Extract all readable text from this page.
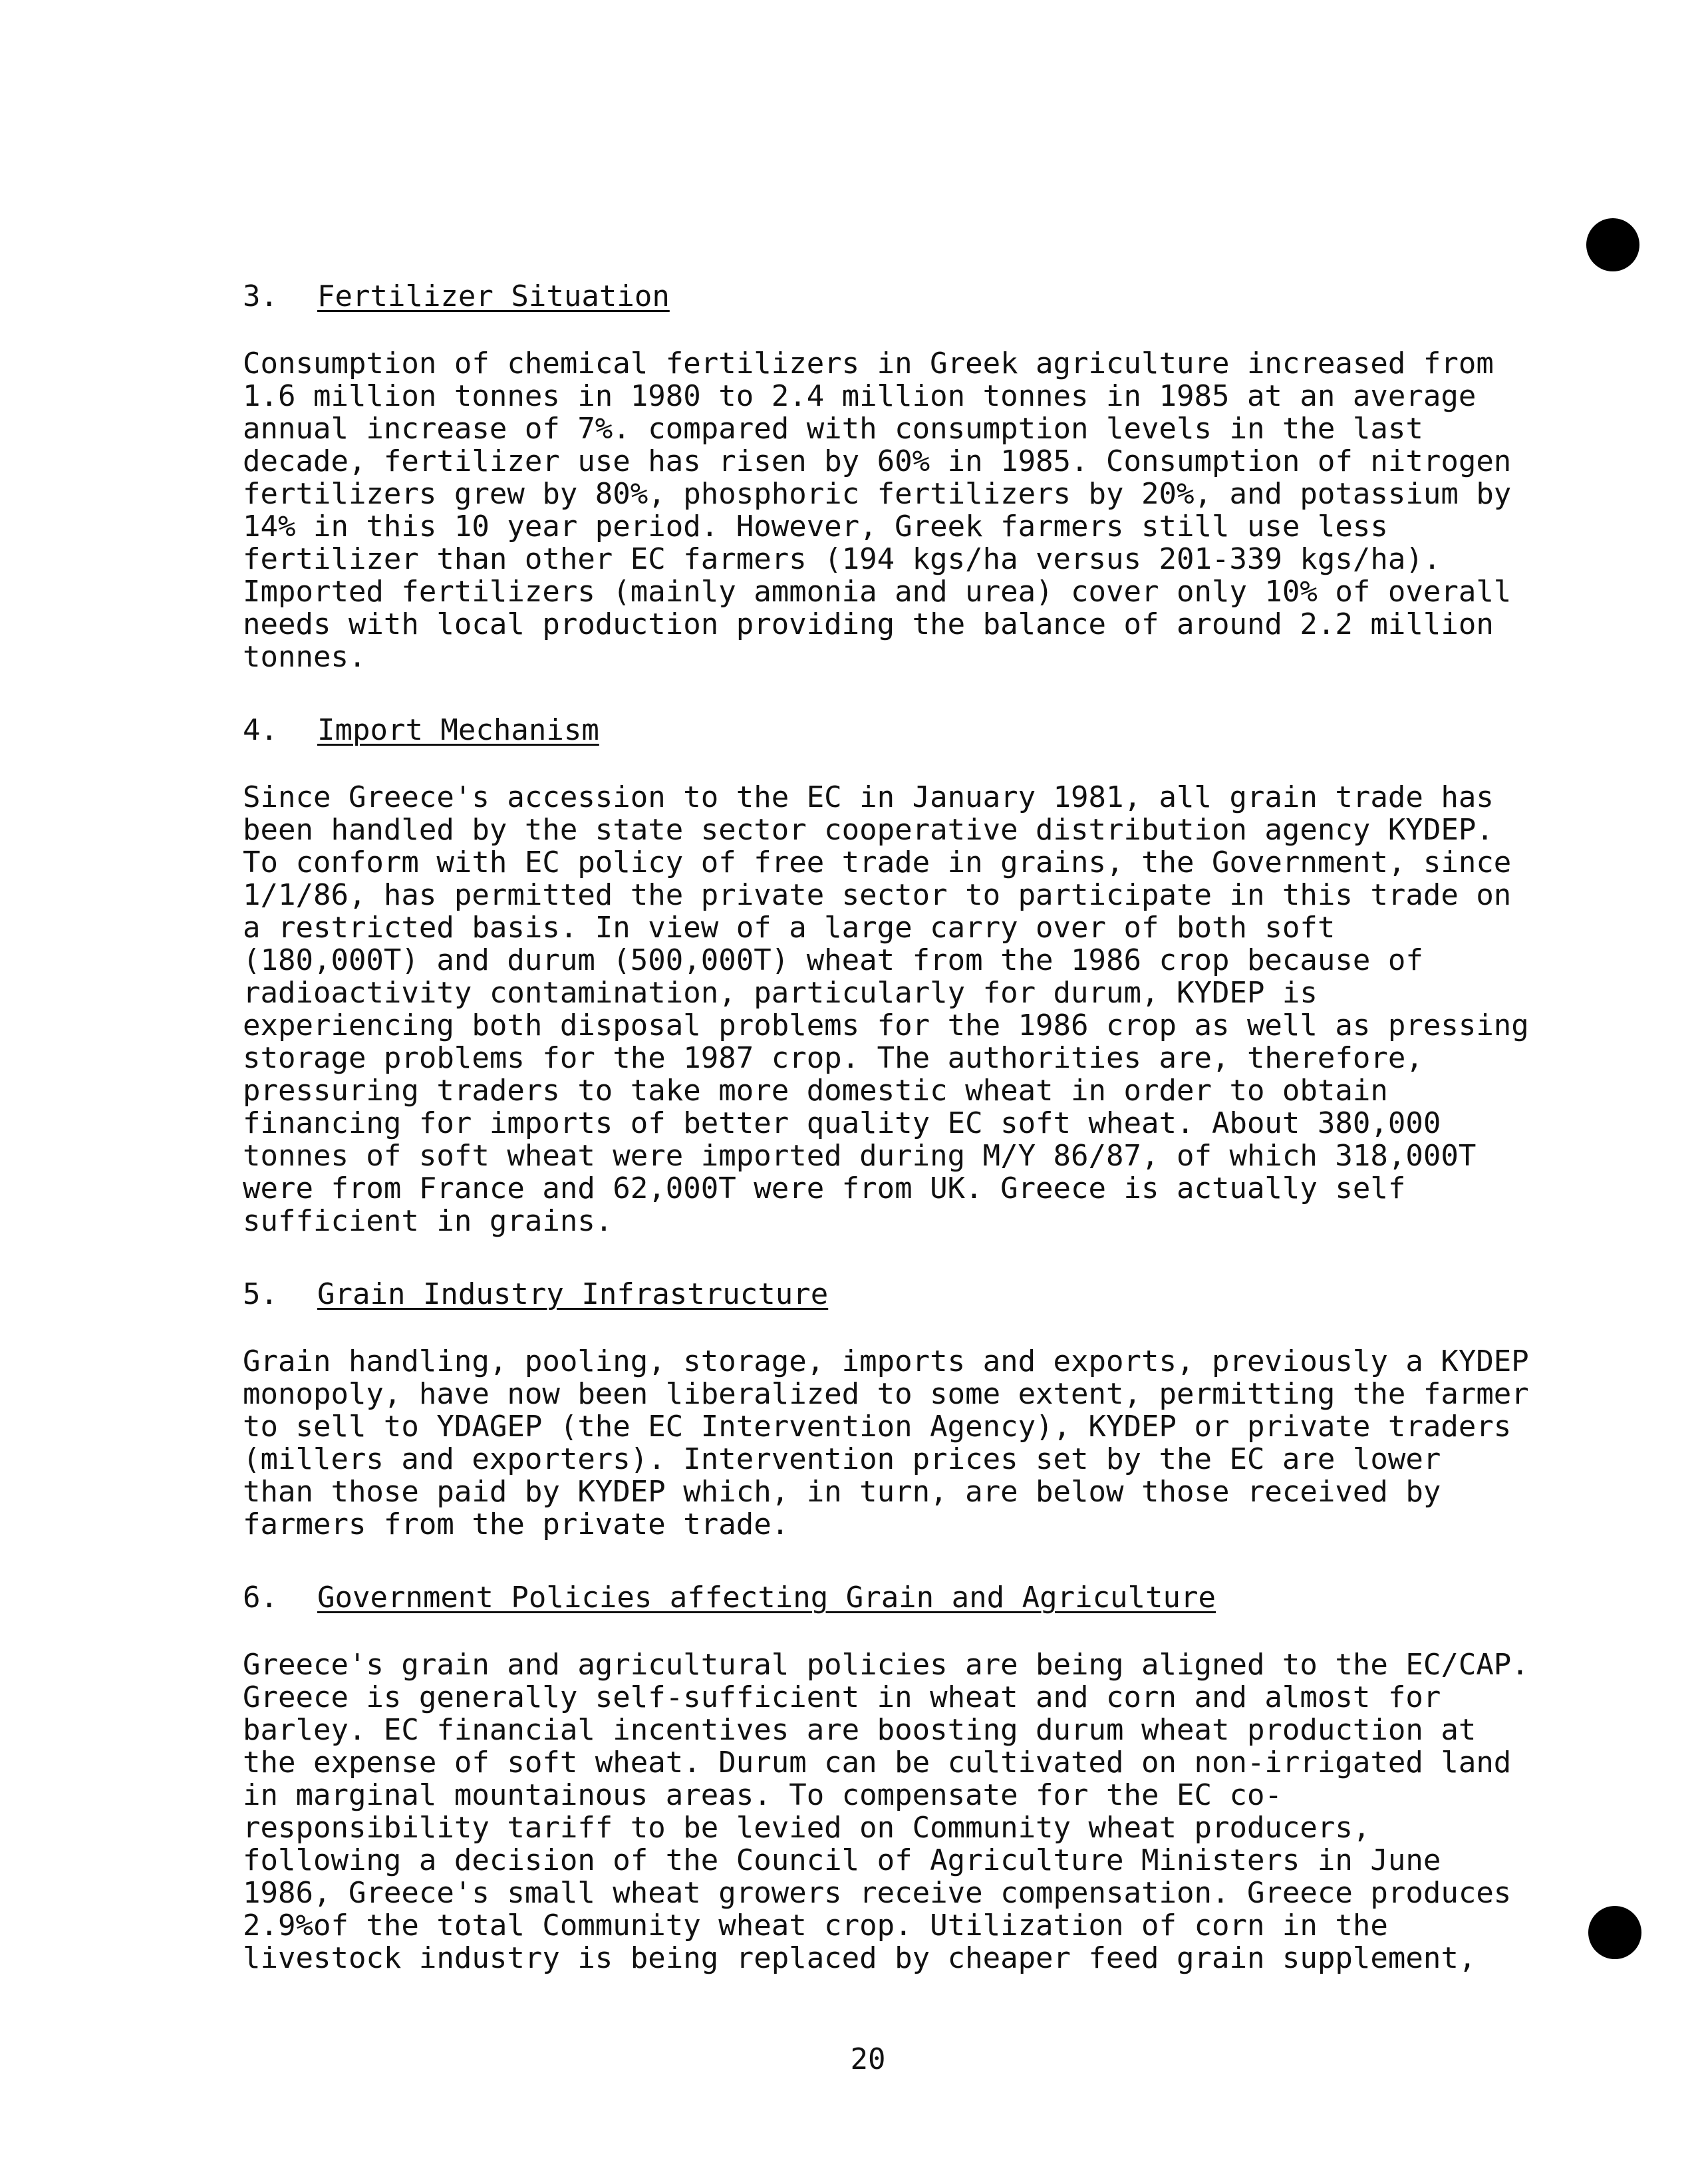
3. Fertilizer Situation
Consumption of chemical fertilizers in Greek agriculture increased from
1.6 million tonnes in 1980 to 2.4 million tonnes in 1985 at an average
annual increase of 7%. compared with consumption levels in the last
decade, fertilizer use has risen by 60% in 1985. Consumption of nitrogen
fertilizers grew by 80%, phosphoric fertilizers by 20%, and potassium by
14% in this 10 year period. However, Greek farmers still use less
fertilizer than other EC farmers (194 kgs/ha versus 201-339 kgs/ha).
Imported fertilizers (mainly ammonia and urea) cover only 10% of overall
needs with local production providing the balance of around 2.2 million
tonnes.
4. Import Mechanism
Since Greece's accession to the EC in January 1981, all grain trade has
been handled by the state sector cooperative distribution agency KYDEP.
To conform with EC policy of free trade in grains, the Government, since
1/1/86, has permitted the private sector to participate in this trade on
a restricted basis. In view of a large carry over of both soft
(180,000T) and durum (500,000T) wheat from the 1986 crop because of
radioactivity contamination, particularly for durum, KYDEP is
experiencing both disposal problems for the 1986 crop as well as pressing
storage problems for the 1987 crop. The authorities are, therefore,
pressuring traders to take more domestic wheat in order to obtain
financing for imports of better quality EC soft wheat. About 380,000
tonnes of soft wheat were imported during M/Y 86/87, of which 318,000T
were from France and 62,000T were from UK. Greece is actually self
sufficient in grains.
5. Grain Industry Infrastructure
Grain handling, pooling, storage, imports and exports, previously a KYDEP
monopoly, have now been liberalized to some extent, permitting the farmer
to sell to YDAGEP (the EC Intervention Agency), KYDEP or private traders
(millers and exporters). Intervention prices set by the EC are lower
than those paid by KYDEP which, in turn, are below those received by
farmers from the private trade.
6. Government Policies affecting Grain and Agriculture
Greece's grain and agricultural policies are being aligned to the EC/CAP.
Greece is generally self-sufficient in wheat and corn and almost for
barley. EC financial incentives are boosting durum wheat production at
the expense of soft wheat. Durum can be cultivated on non-irrigated land
in marginal mountainous areas. To compensate for the EC co-
responsibility tariff to be levied on Community wheat producers,
following a decision of the Council of Agriculture Ministers in June
1986, Greece's small wheat growers receive compensation. Greece produces
2.9%of the total Community wheat crop. Utilization of corn in the
livestock industry is being replaced by cheaper feed grain supplement,
20
